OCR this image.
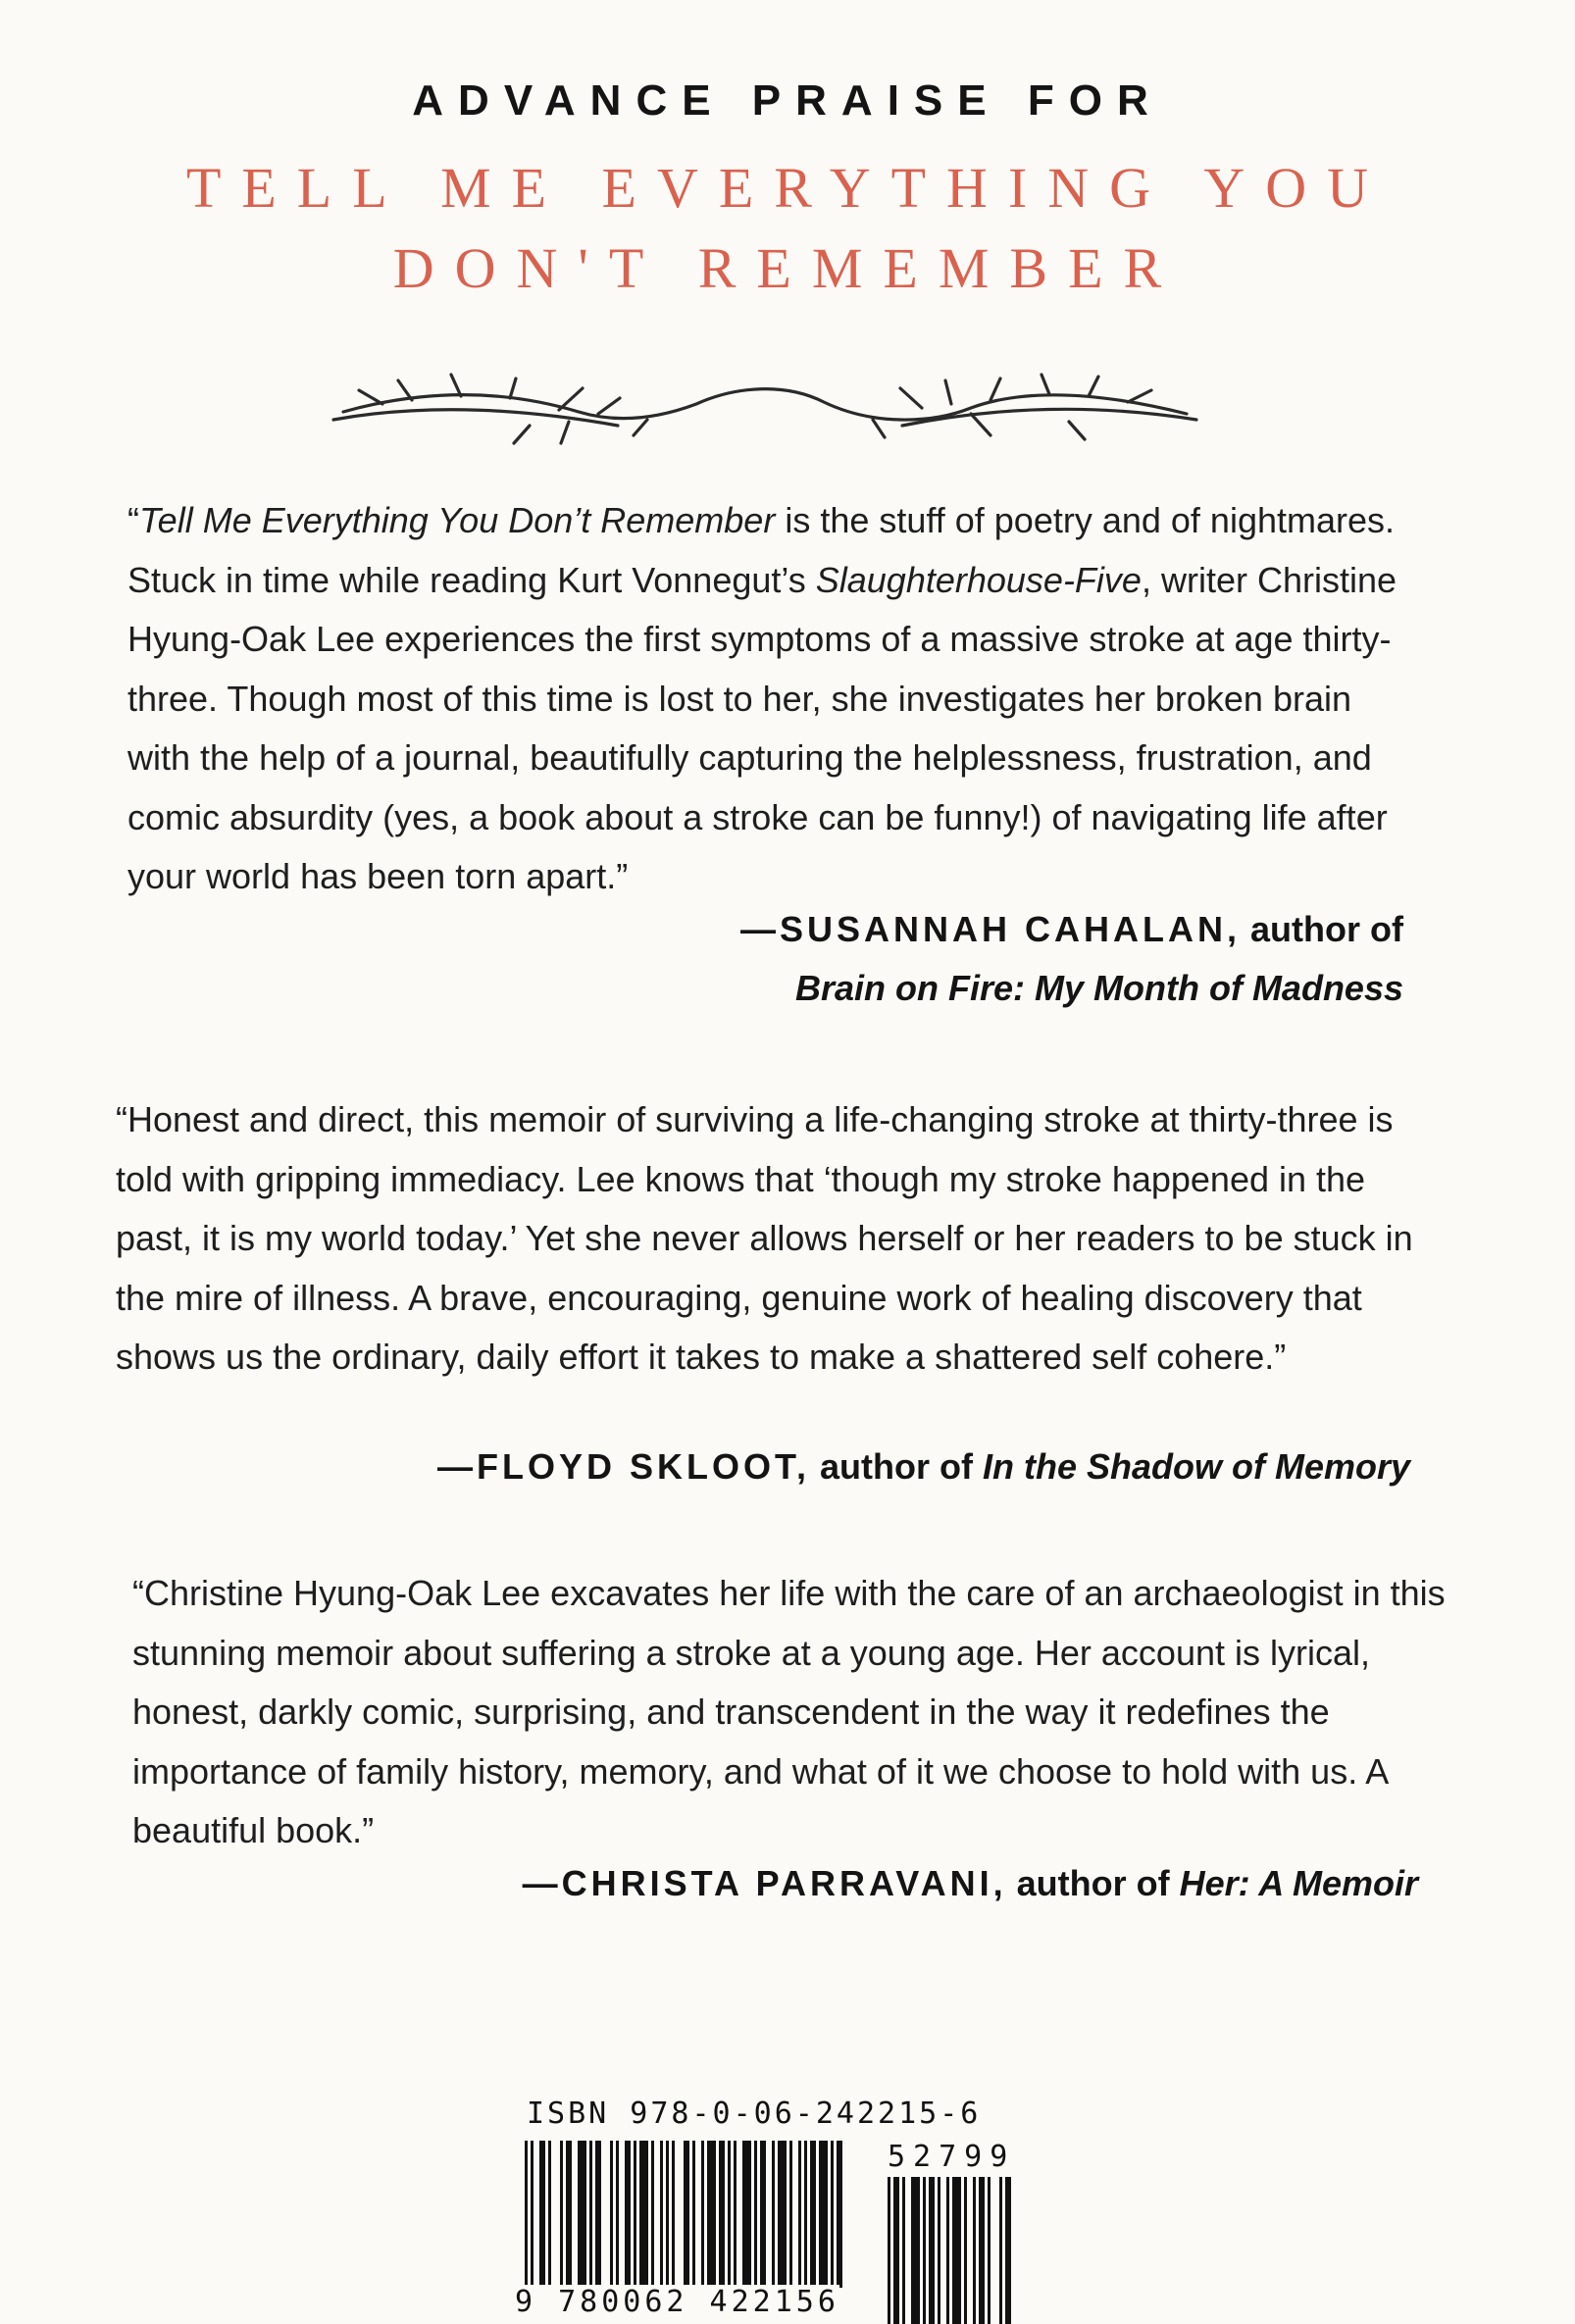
ADVANCE PRAISE FOR
TELL ME EVERYTHING YOU
DON'T REMEMBER

“Tell Me Everything You Don’t Remember is the stuff of poetry and of nightmares. Stuck in time while reading Kurt Vonnegut’s Slaughterhouse-Five, writer Christine Hyung-Oak Lee experiences the first symptoms of a massive stroke at age thirty-three. Though most of this time is lost to her, she investigates her broken brain with the help of a journal, beautifully capturing the helplessness, frustration, and comic absurdity (yes, a book about a stroke can be funny!) of navigating life after your world has been torn apart.”

—SUSANNAH CAHALAN, author of
Brain on Fire: My Month of Madness

“Honest and direct, this memoir of surviving a life-changing stroke at thirty-three is told with gripping immediacy. Lee knows that ‘though my stroke happened in the past, it is my world today.’ Yet she never allows herself or her readers to be stuck in the mire of illness. A brave, encouraging, genuine work of healing discovery that shows us the ordinary, daily effort it takes to make a shattered self cohere.”

—FLOYD SKLOOT, author of In the Shadow of Memory

“Christine Hyung-Oak Lee excavates her life with the care of an archaeologist in this stunning memoir about suffering a stroke at a young age. Her account is lyrical, honest, darkly comic, surprising, and transcendent in the way it redefines the importance of family history, memory, and what of it we choose to hold with us. A beautiful book.”

—CHRISTA PARRAVANI, author of Her: A Memoir
ISBN 978-0-06-242215-6
52799
9 780062 422156
